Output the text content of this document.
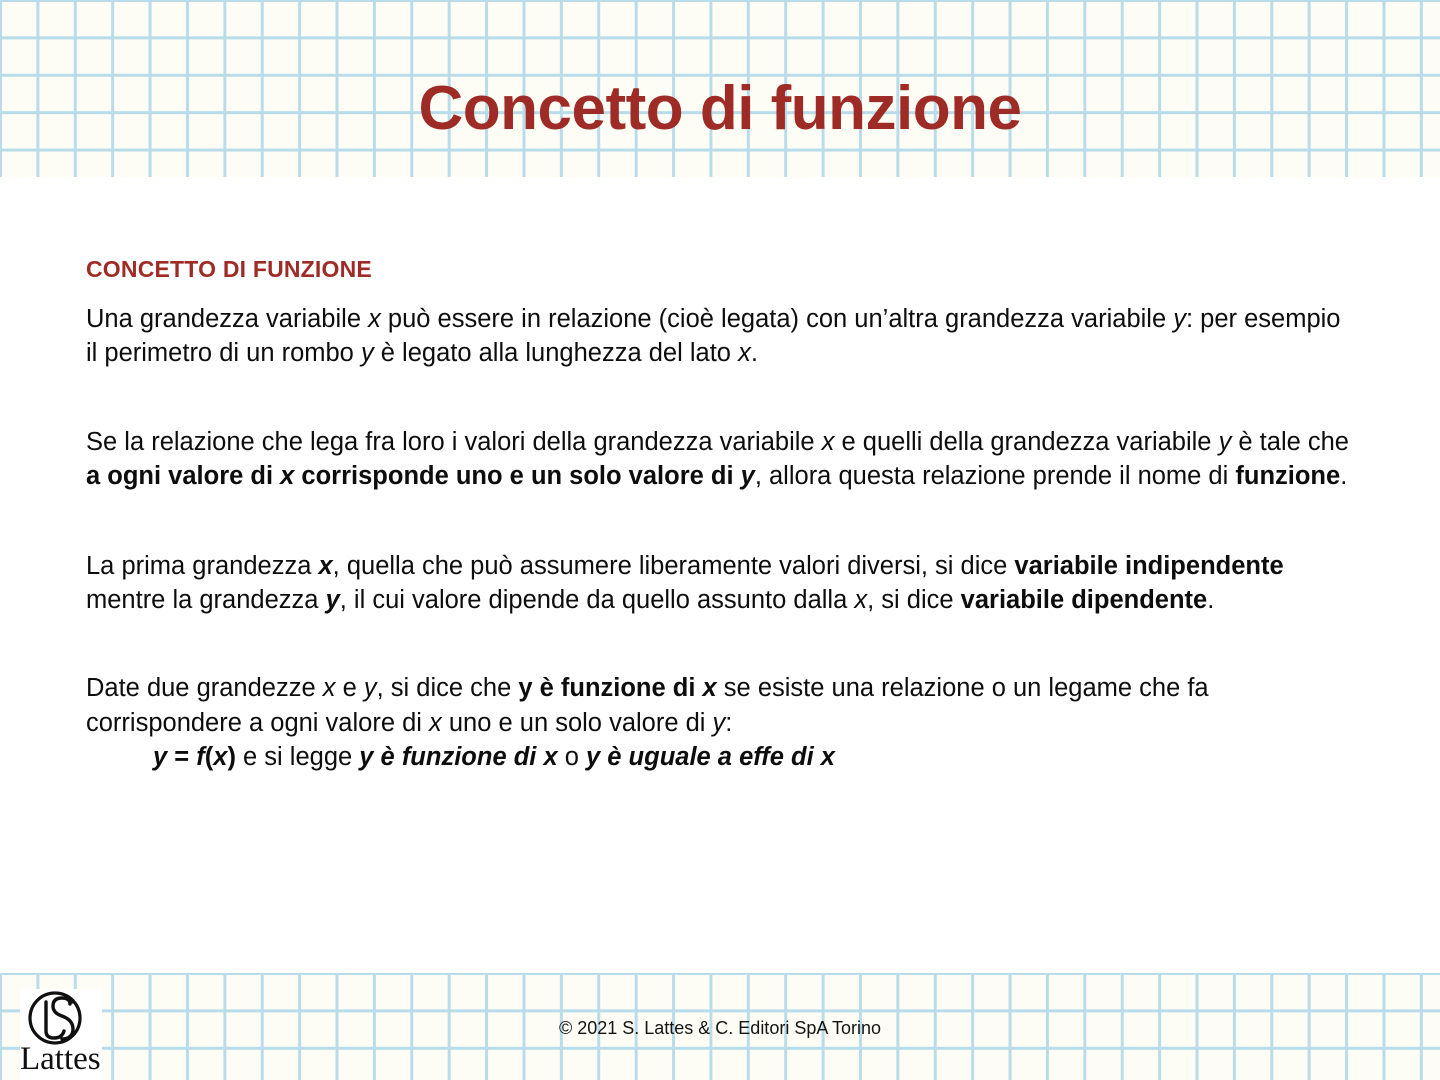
Concetto di funzione
CONCETTO DI FUNZIONE

Una grandezza variabile x può essere in relazione (cioè legata) con un’altra grandezza variabile y: per esempio il perimetro di un rombo y è legato alla lunghezza del lato x.

Se la relazione che lega fra loro i valori della grandezza variabile x e quelli della grandezza variabile y è tale che a ogni valore di x corrisponde uno e un solo valore di y, allora questa relazione prende il nome di funzione.

La prima grandezza x, quella che può assumere liberamente valori diversi, si dice variabile indipendente mentre la grandezza y, il cui valore dipende da quello assunto dalla x, si dice variabile dipendente.

Date due grandezze x e y, si dice che y è funzione di x se esiste una relazione o un legame che fa corrispondere a ogni valore di x uno e un solo valore di y:

y = f(x) e si legge y è funzione di x o y è uguale a effe di x

Lattes
© 2021 S. Lattes & C. Editori SpA Torino
